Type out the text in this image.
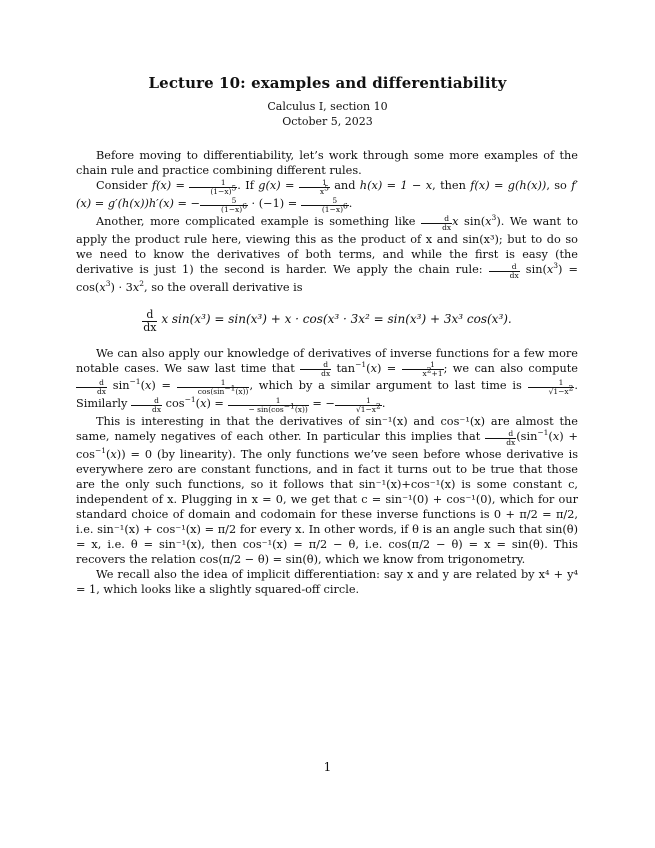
Lecture 10: examples and differentiability
Calculus I, section 10
October 5, 2023

Before moving to differentiability, let’s work through some more examples of the chain rule and practice combining different rules.

Consider $f(x) = \frac{1}{(1-x)^5}$ . If $g(x) = \frac{1}{x^5}$ and h(x) = 1 − x, then f(x) = g(h(x)), so f′(x) = g′(h(x))h′(x) = − $\frac{5}{(1-x)^6} \cdot (-1) = \frac{5}{(1-x)^6}$ .

Another, more complicated example is something like $\frac{d}{dx}$ x $\sin(x^3)$. We want to apply the product rule here, viewing this as the product of x and sin(x³); but to do so we need to know the derivatives of both terms, and while the first is easy (the derivative is just 1) the second is harder. We apply the chain rule: $\frac{d}{dx} \sin(x^3) = \cos(x^3) \cdot 3x^2$, so the overall derivative is

$\frac{d}{dx}$ x sin(x³) = sin(x³) + x · cos(x³ · 3x² = sin(x³) + 3x³ cos(x³).

We can also apply our knowledge of derivatives of inverse functions for a few more notable cases. We saw last time that $\frac{d}{dx} \tan^{-1}(x) = \frac{1}{x^2+1}$ ; we can also compute
$\frac{d}{dx} \sin^{-1}(x) = \frac{1}{\cos(\sin^{-1}(x))}$ , which by a similar argument to last time is $\frac{1}{√1-x^2}$ . Similarly $\frac{d}{dx} \cos^{-1}(x) = \frac{1}{- \sin(\cos^{-1}(x))}$ = − $\frac{1}{√1-x^2}$ .

This is interesting in that the derivatives of sin⁻¹(x) and cos⁻¹(x) are almost the same, namely negatives of each other. In particular this implies that $\frac{d}{dx} (\sin^{-1}(x) + \cos^{-1}(x)) = 0$ (by linearity). The only functions we’ve seen before whose derivative is everywhere zero are constant functions, and in fact it turns out to be true that those are the only such functions, so it follows that sin⁻¹(x)+cos⁻¹(x) is some constant c, independent of x. Plugging in x = 0, we get that c = sin⁻¹(0) + cos⁻¹(0), which for our standard choice of domain and codomain for these inverse functions is 0 + π/2 = π/2, i.e. sin⁻¹(x) + cos⁻¹(x) = π/2 for every x. In other words, if θ is an angle such that sin(θ) = x, i.e. θ = sin⁻¹(x), then cos⁻¹(x) = π/2 − θ, i.e. cos(π/2 − θ) = x = sin(θ). This recovers the relation cos(π/2 − θ) = sin(θ), which we know from trigonometry.

We recall also the idea of implicit differentiation: say x and y are related by x⁴ + y⁴ = 1, which looks like a slightly squared-off circle.

1
